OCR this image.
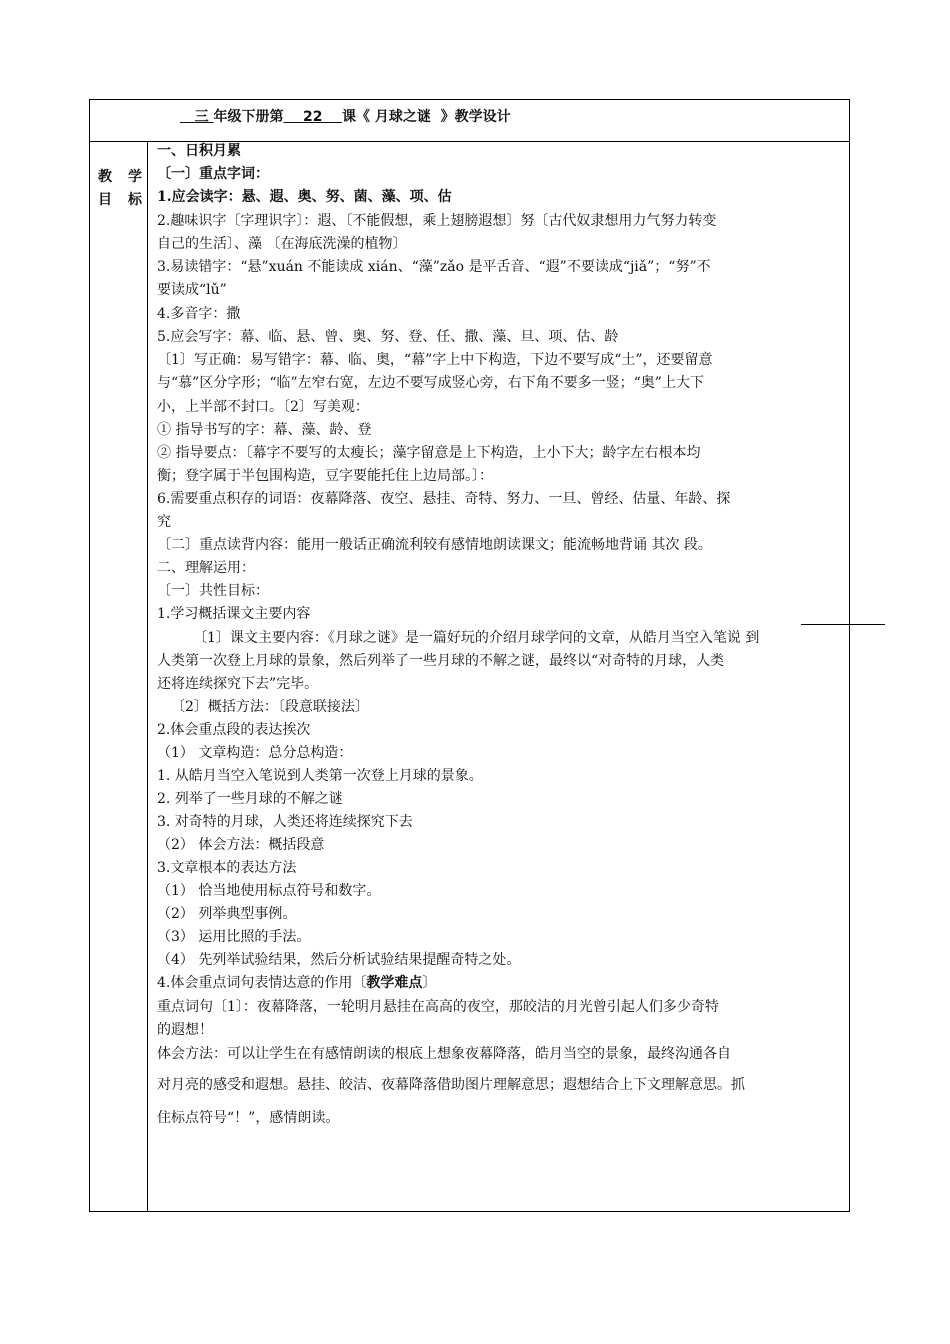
三 年级下册第 22 课《 月球之谜 》教学设计
教学
目标
一、日积月累
〔一〕重点字词：
1.应会读字：悬、遐、奥、努、菌、藻、项、估
2.趣味识字〔字理识字〕：遐、〔不能假想，乘上翅膀遐想〕努〔古代奴隶想用力气努力转变
自己的生活〕、藻 〔在海底洗澡的植物〕
3.易读错字：“悬”xuán 不能读成 xián、“藻”zǎo 是平舌音、“遐”不要读成“jiǎ”；“努”不
要读成“lǔ”
4.多音字：撒
5.应会写字：幕、临、悬、曾、奥、努、登、任、撒、藻、旦、项、估、龄
〔1〕写正确：易写错字：幕、临、奥，“幕”字上中下构造，下边不要写成“土”，还要留意
与“慕”区分字形；“临”左窄右宽，左边不要写成竖心旁，右下角不要多一竖；“奥”上大下
小，上半部不封口。〔2〕写美观：
① 指导书写的字：幕、藻、龄、登
② 指导要点：〔幕字不要写的太瘦长；藻字留意是上下构造，上小下大；龄字左右根本均
衡；登字属于半包围构造，豆字要能托住上边局部。〕：
6.需要重点积存的词语：夜幕降落、夜空、悬挂、奇特、努力、一旦、曾经、估量、年龄、探
究
〔二〕重点读背内容：能用一般话正确流利较有感情地朗读课文；能流畅地背诵 其次 段。
二、理解运用：
〔一〕共性目标：
1.学习概括课文主要内容
〔1〕课文主要内容：《月球之谜》是一篇好玩的介绍月球学问的文章，从皓月当空入笔说 到
人类第一次登上月球的景象，然后列举了一些月球的不解之谜，最终以“对奇特的月球，人类
还将连续探究下去”完毕。
〔2〕概括方法：〔段意联接法〕
2.体会重点段的表达挨次
（1） 文章构造：总分总构造：
1. 从皓月当空入笔说到人类第一次登上月球的景象。
2. 列举了一些月球的不解之谜
3. 对奇特的月球，人类还将连续探究下去
（2） 体会方法：概括段意
3.文章根本的表达方法
（1） 恰当地使用标点符号和数字。
（2） 列举典型事例。
（3） 运用比照的手法。
（4） 先列举试验结果，然后分析试验结果提醒奇特之处。
4.体会重点词句表情达意的作用〔教学难点〕
重点词句〔1〕：夜幕降落，一轮明月悬挂在高高的夜空，那皎洁的月光曾引起人们多少奇特
的遐想！
体会方法：可以让学生在有感情朗读的根底上想象夜幕降落，皓月当空的景象，最终沟通各自
对月亮的感受和遐想。悬挂、皎洁、夜幕降落借助图片理解意思；遐想结合上下文理解意思。抓
住标点符号“！”，感情朗读。
